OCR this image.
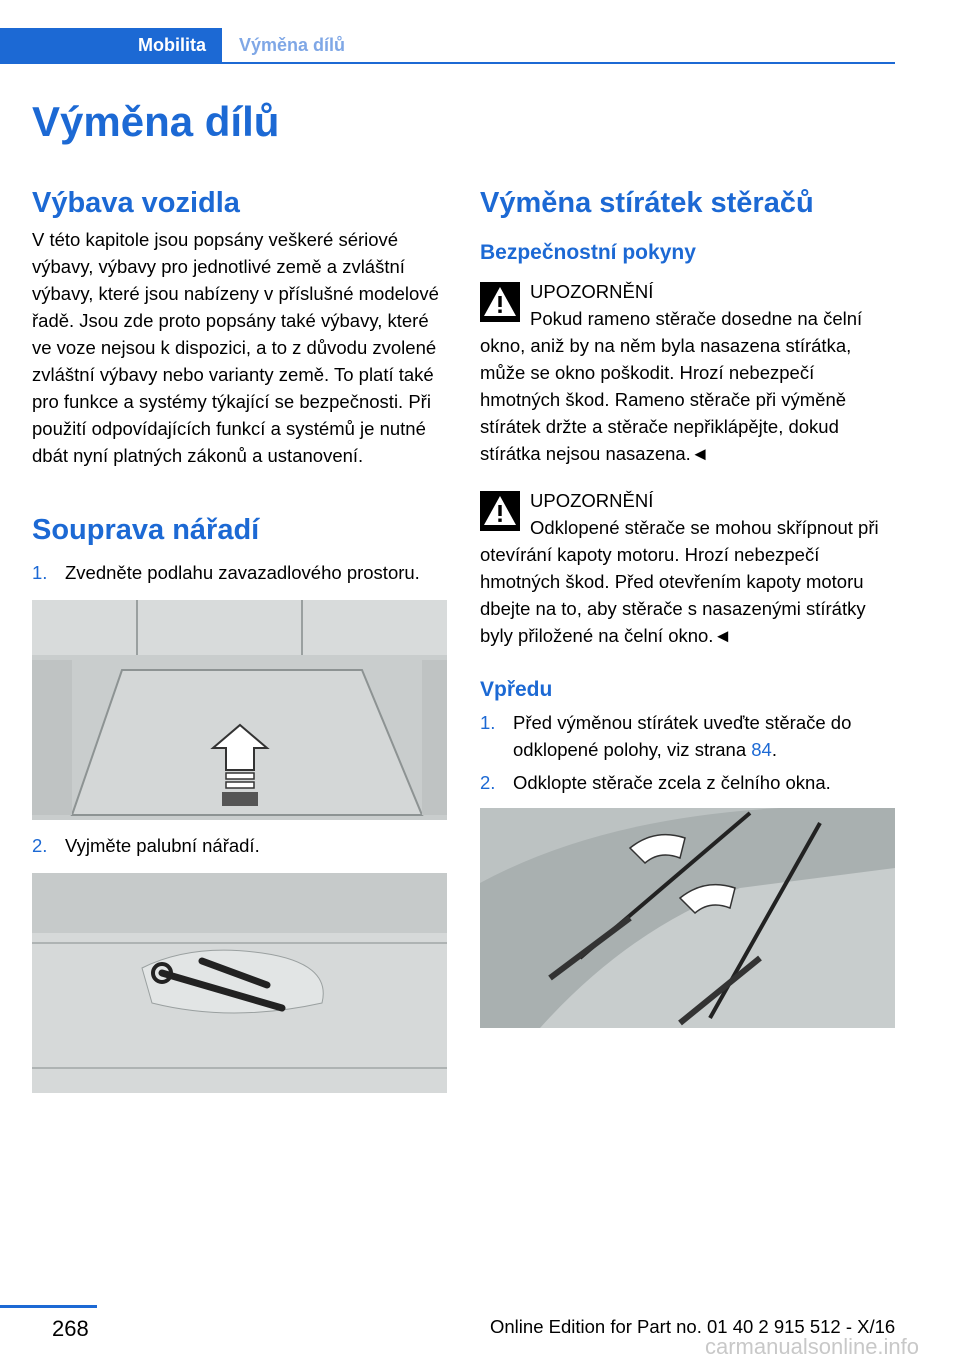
Mobilita	Výměna dílů
Výměna dílů
Výbava vozidla

V této kapitole jsou popsány veškeré sériové výbavy, výbavy pro jednotlivé země a zvláštní výbavy, které jsou nabízeny v příslušné modelové řadě. Jsou zde proto popsány také výbavy, které ve voze nejsou k dispozici, a to z důvodu zvolené zvláštní výbavy nebo varianty země. To platí také pro funkce a systémy týkající se bezpečnosti. Při použití odpovídajících funkcí a systémů je nutné dbát nyní platných zákonů a ustanovení.

Souprava nářadí
1. Zvedněte podlahu zavazadlového prostoru.
2. Vyjměte palubní nářadí.
Výměna stírátek stěračů
Bezpečnostní pokyny

UPOZORNĚNÍ
Pokud rameno stěrače dosedne na čelní okno, aniž by na něm byla nasazena stírátka, může se okno poškodit. Hrozí nebezpečí hmotných škod. Rameno stěrače při výměně stírátek držte a stěrače nepřiklápějte, dokud stírátka nejsou nasazena.◄

UPOZORNĚNÍ
Odklopené stěrače se mohou skřípnout při otevírání kapoty motoru. Hrozí nebezpečí hmotných škod. Před otevřením kapoty motoru dbejte na to, aby stěrače s nasazenými stírátky byly přiložené na čelní okno.◄

Vpředu
1. Před výměnou stírátek uveďte stěrače do odklopené polohy, viz strana 84.
2. Odklopte stěrače zcela z čelního okna.
268	Online Edition for Part no. 01 40 2 915 512 - X/16
carmanualsonline.info
